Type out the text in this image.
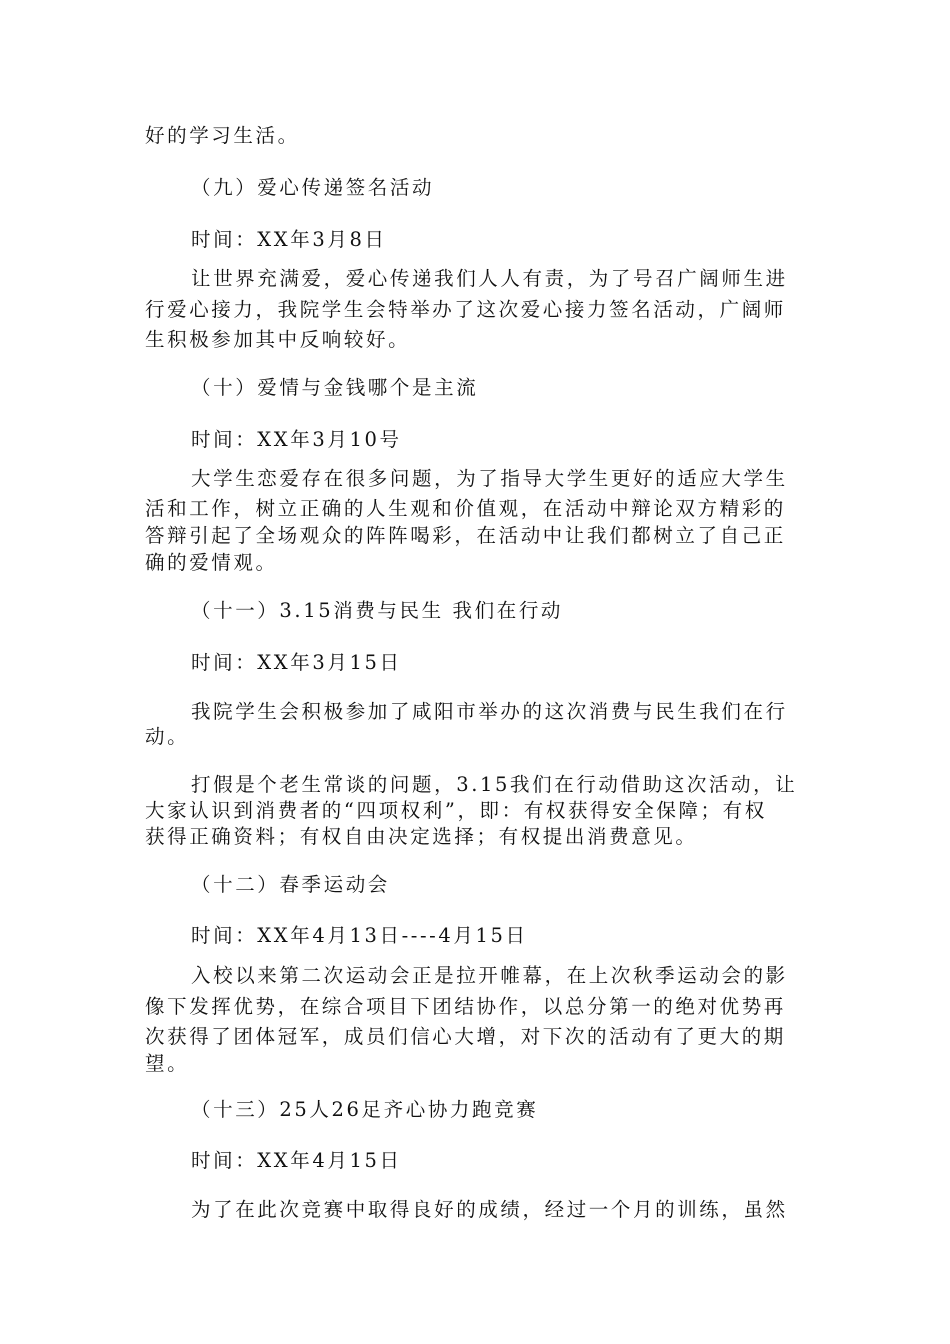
好的学习生活。

（九）爱心传递签名活动

时间：XX年3月8日

让世界充满爱，爱心传递我们人人有责，为了号召广阔师生进

行爱心接力，我院学生会特举办了这次爱心接力签名活动，广阔师

生积极参加其中反响较好。

（十）爱情与金钱哪个是主流

时间：XX年3月10号

大学生恋爱存在很多问题，为了指导大学生更好的适应大学生

活和工作，树立正确的人生观和价值观，在活动中辩论双方精彩的

答辩引起了全场观众的阵阵喝彩，在活动中让我们都树立了自己正

确的爱情观。

（十一）3.15消费与民生 我们在行动

时间：XX年3月15日

我院学生会积极参加了咸阳市举办的这次消费与民生我们在行

动。

打假是个老生常谈的问题，3.15我们在行动借助这次活动，让

大家认识到消费者的“四项权利”，即：有权获得安全保障；有权

获得正确资料；有权自由决定选择；有权提出消费意见。

（十二）春季运动会

时间：XX年4月13日----4月15日

入校以来第二次运动会正是拉开帷幕，在上次秋季运动会的影

像下发挥优势，在综合项目下团结协作，以总分第一的绝对优势再

次获得了团体冠军，成员们信心大增，对下次的活动有了更大的期

望。

（十三）25人26足齐心协力跑竞赛

时间：XX年4月15日

为了在此次竞赛中取得良好的成绩，经过一个月的训练，虽然
